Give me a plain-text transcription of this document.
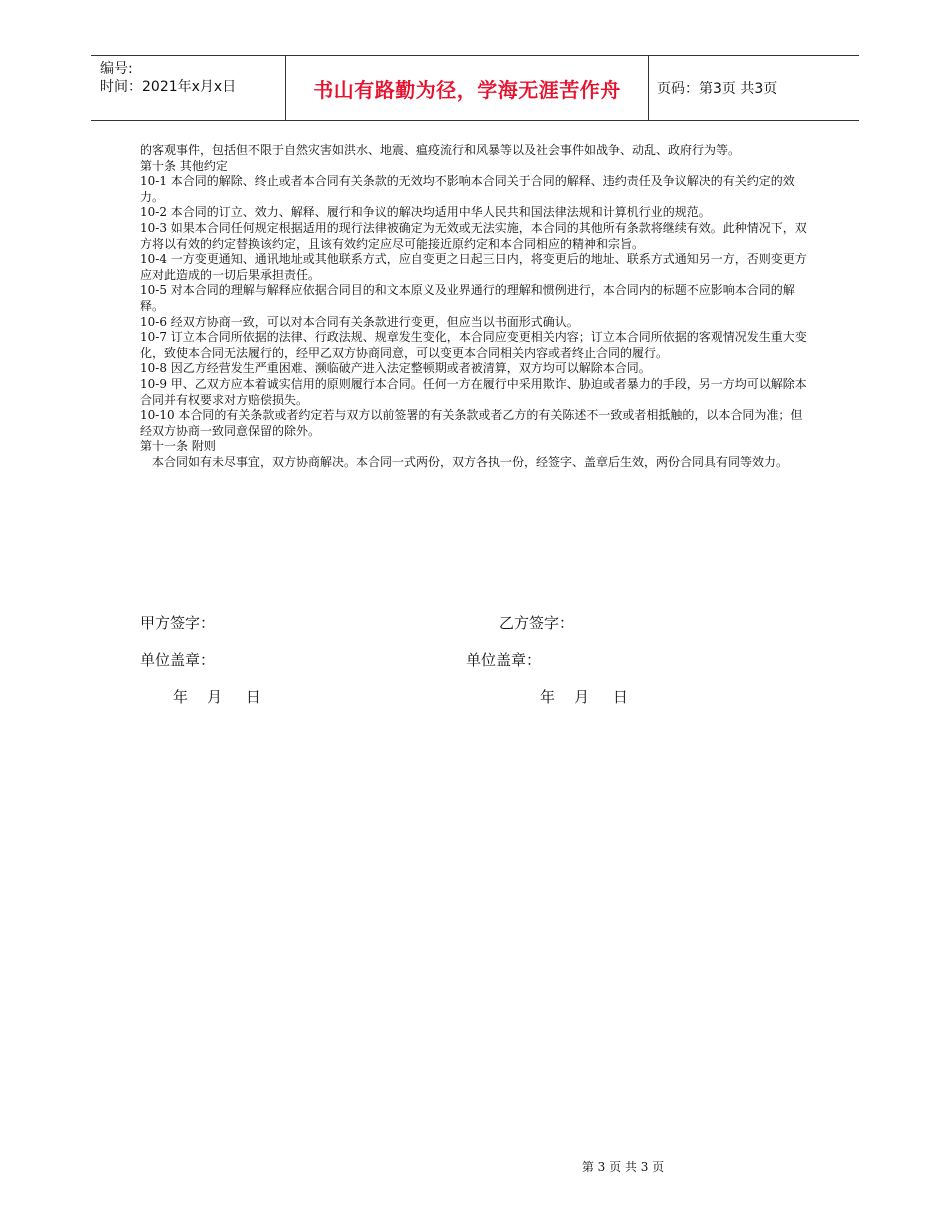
编号:
时间：2021年x月x日	书山有路勤为径，学海无涯苦作舟	页码：第3页 共3页

的客观事件，包括但不限于自然灾害如洪水、地震、瘟疫流行和风暴等以及社会事件如战争、动乱、政府行为等。

第十条 其他约定

10-1 本合同的解除、终止或者本合同有关条款的无效均不影响本合同关于合同的解释、违约责任及争议解决的有关约定的效力。

10-2 本合同的订立、效力、解释、履行和争议的解决均适用中华人民共和国法律法规和计算机行业的规范。

10-3 如果本合同任何规定根据适用的现行法律被确定为无效或无法实施，本合同的其他所有条款将继续有效。此种情况下，双方将以有效的约定替换该约定，且该有效约定应尽可能接近原约定和本合同相应的精神和宗旨。

10-4 一方变更通知、通讯地址或其他联系方式，应自变更之日起三日内，将变更后的地址、联系方式通知另一方，否则变更方应对此造成的一切后果承担责任。

10-5 对本合同的理解与解释应依据合同目的和文本原义及业界通行的理解和惯例进行，本合同内的标题不应影响本合同的解释。

10-6 经双方协商一致，可以对本合同有关条款进行变更，但应当以书面形式确认。

10-7 订立本合同所依据的法律、行政法规、规章发生变化，本合同应变更相关内容；订立本合同所依据的客观情况发生重大变化，致使本合同无法履行的，经甲乙双方协商同意，可以变更本合同相关内容或者终止合同的履行。

10-8 因乙方经营发生严重困难、濒临破产进入法定整顿期或者被清算，双方均可以解除本合同。

10-9 甲、乙双方应本着诚实信用的原则履行本合同。任何一方在履行中采用欺诈、胁迫或者暴力的手段，另一方均可以解除本合同并有权要求对方赔偿损失。

10-10 本合同的有关条款或者约定若与双方以前签署的有关条款或者乙方的有关陈述不一致或者相抵触的，以本合同为准；但经双方协商一致同意保留的除外。

第十一条 附则

本合同如有未尽事宜，双方协商解决。本合同一式两份，双方各执一份，经签字、盖章后生效，两份合同具有同等效力。

甲方签字：	乙方签字：
单位盖章：	单位盖章：
年    月     日	年    月     日
第 3 页 共 3 页
